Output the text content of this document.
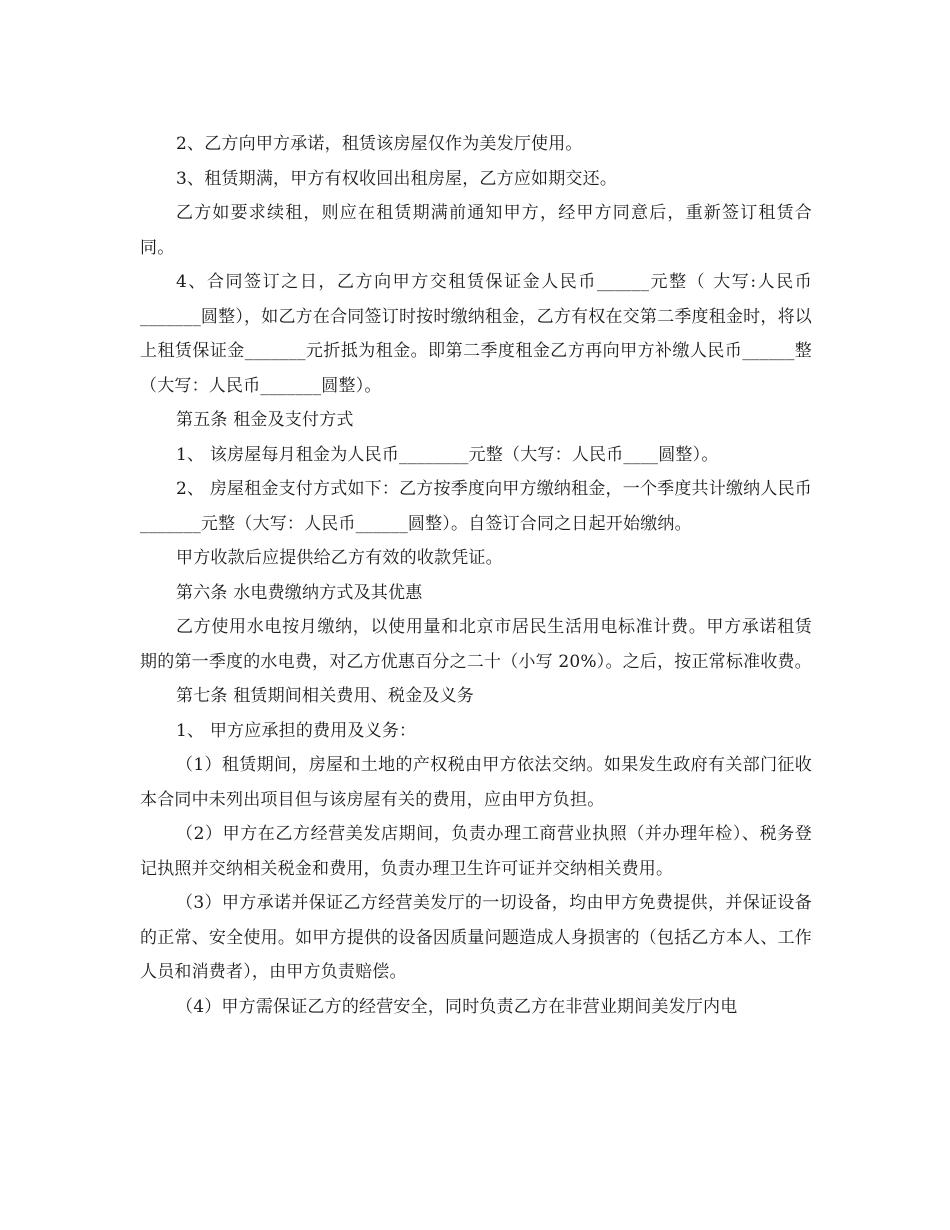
2、乙方向甲方承诺，租赁该房屋仅作为美发厅使用。

3、租赁期满，甲方有权收回出租房屋，乙方应如期交还。

乙方如要求续租，则应在租赁期满前通知甲方，经甲方同意后，重新签订租赁合同。

4、合同签订之日，乙方向甲方交租赁保证金人民币______元整（ 大写:人民币_______圆整），如乙方在合同签订时按时缴纳租金，乙方有权在交第二季度租金时，将以上租赁保证金_______元折抵为租金。即第二季度租金乙方再向甲方补缴人民币______整（大写：人民币_______圆整）。

第五条 租金及支付方式

1、 该房屋每月租金为人民币________元整（大写：人民币____圆整）。

2、 房屋租金支付方式如下：乙方按季度向甲方缴纳租金，一个季度共计缴纳人民币_______元整（大写：人民币______圆整）。自签订合同之日起开始缴纳。

甲方收款后应提供给乙方有效的收款凭证。

第六条 水电费缴纳方式及其优惠

乙方使用水电按月缴纳，以使用量和北京市居民生活用电标准计费。甲方承诺租赁期的第一季度的水电费，对乙方优惠百分之二十（小写 20%）。之后，按正常标准收费。

第七条 租赁期间相关费用、税金及义务

1、 甲方应承担的费用及义务：

（1）租赁期间，房屋和土地的产权税由甲方依法交纳。如果发生政府有关部门征收本合同中未列出项目但与该房屋有关的费用，应由甲方负担。

（2）甲方在乙方经营美发店期间，负责办理工商营业执照（并办理年检）、税务登记执照并交纳相关税金和费用，负责办理卫生许可证并交纳相关费用。

（3）甲方承诺并保证乙方经营美发厅的一切设备，均由甲方免费提供，并保证设备的正常、安全使用。如甲方提供的设备因质量问题造成人身损害的（包括乙方本人、工作人员和消费者），由甲方负责赔偿。

（4）甲方需保证乙方的经营安全，同时负责乙方在非营业期间美发厅内电
